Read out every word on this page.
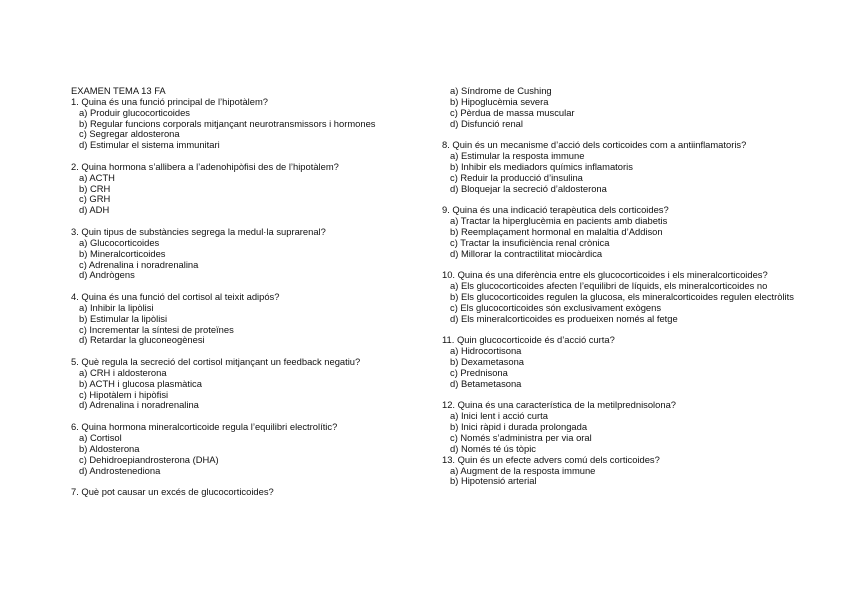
EXAMEN TEMA 13 FA
1. Quina és una funció principal de l’hipotàlem?
a) Produir glucocorticoides
b) Regular funcions corporals mitjançant neurotransmissors i hormones
c) Segregar aldosterona
d) Estimular el sistema immunitari
2. Quina hormona s’allibera a l’adenohipòfisi des de l’hipotàlem?
a) ACTH
b) CRH
c) GRH
d) ADH
3. Quin tipus de substàncies segrega la medul·la suprarenal?
a) Glucocorticoides
b) Mineralcorticoides
c) Adrenalina i noradrenalina
d) Andrògens
4. Quina és una funció del cortisol al teixit adipós?
a) Inhibir la lipòlisi
b) Estimular la lipòlisi
c) Incrementar la síntesi de proteïnes
d) Retardar la gluconeogènesi
5. Què regula la secreció del cortisol mitjançant un feedback negatiu?
a) CRH i aldosterona
b) ACTH i glucosa plasmàtica
c) Hipotàlem i hipòfisi
d) Adrenalina i noradrenalina
6. Quina hormona mineralcorticoide regula l’equilibri electrolític?
a) Cortisol
b) Aldosterona
c) Dehidroepiandrosterona (DHA)
d) Androstenediona
7. Què pot causar un excés de glucocorticoides?
a) Síndrome de Cushing
b) Hipoglucèmia severa
c) Pèrdua de massa muscular
d) Disfunció renal
8. Quin és un mecanisme d’acció dels corticoides com a antiinflamatoris?
a) Estimular la resposta immune
b) Inhibir els mediadors químics inflamatoris
c) Reduir la producció d’insulina
d) Bloquejar la secreció d’aldosterona
9. Quina és una indicació terapèutica dels corticoides?
a) Tractar la hiperglucèmia en pacients amb diabetis
b) Reemplaçament hormonal en malaltia d’Addison
c) Tractar la insuficiència renal crònica
d) Millorar la contractilitat miocàrdica
10. Quina és una diferència entre els glucocorticoides i els mineralcorticoides?
a) Els glucocorticoides afecten l’equilibri de líquids, els mineralcorticoides no
b) Els glucocorticoides regulen la glucosa, els mineralcorticoides regulen electròlits
c) Els glucocorticoides són exclusivament exògens
d) Els mineralcorticoides es produeixen només al fetge
11. Quin glucocorticoide és d’acció curta?
a) Hidrocortisona
b) Dexametasona
c) Prednisona
d) Betametasona
12. Quina és una característica de la metilprednisolona?
a) Inici lent i acció curta
b) Inici ràpid i durada prolongada
c) Només s’administra per via oral
d) Només té ús tòpic
13. Quin és un efecte advers comú dels corticoides?
a) Augment de la resposta immune
b) Hipotensió arterial
